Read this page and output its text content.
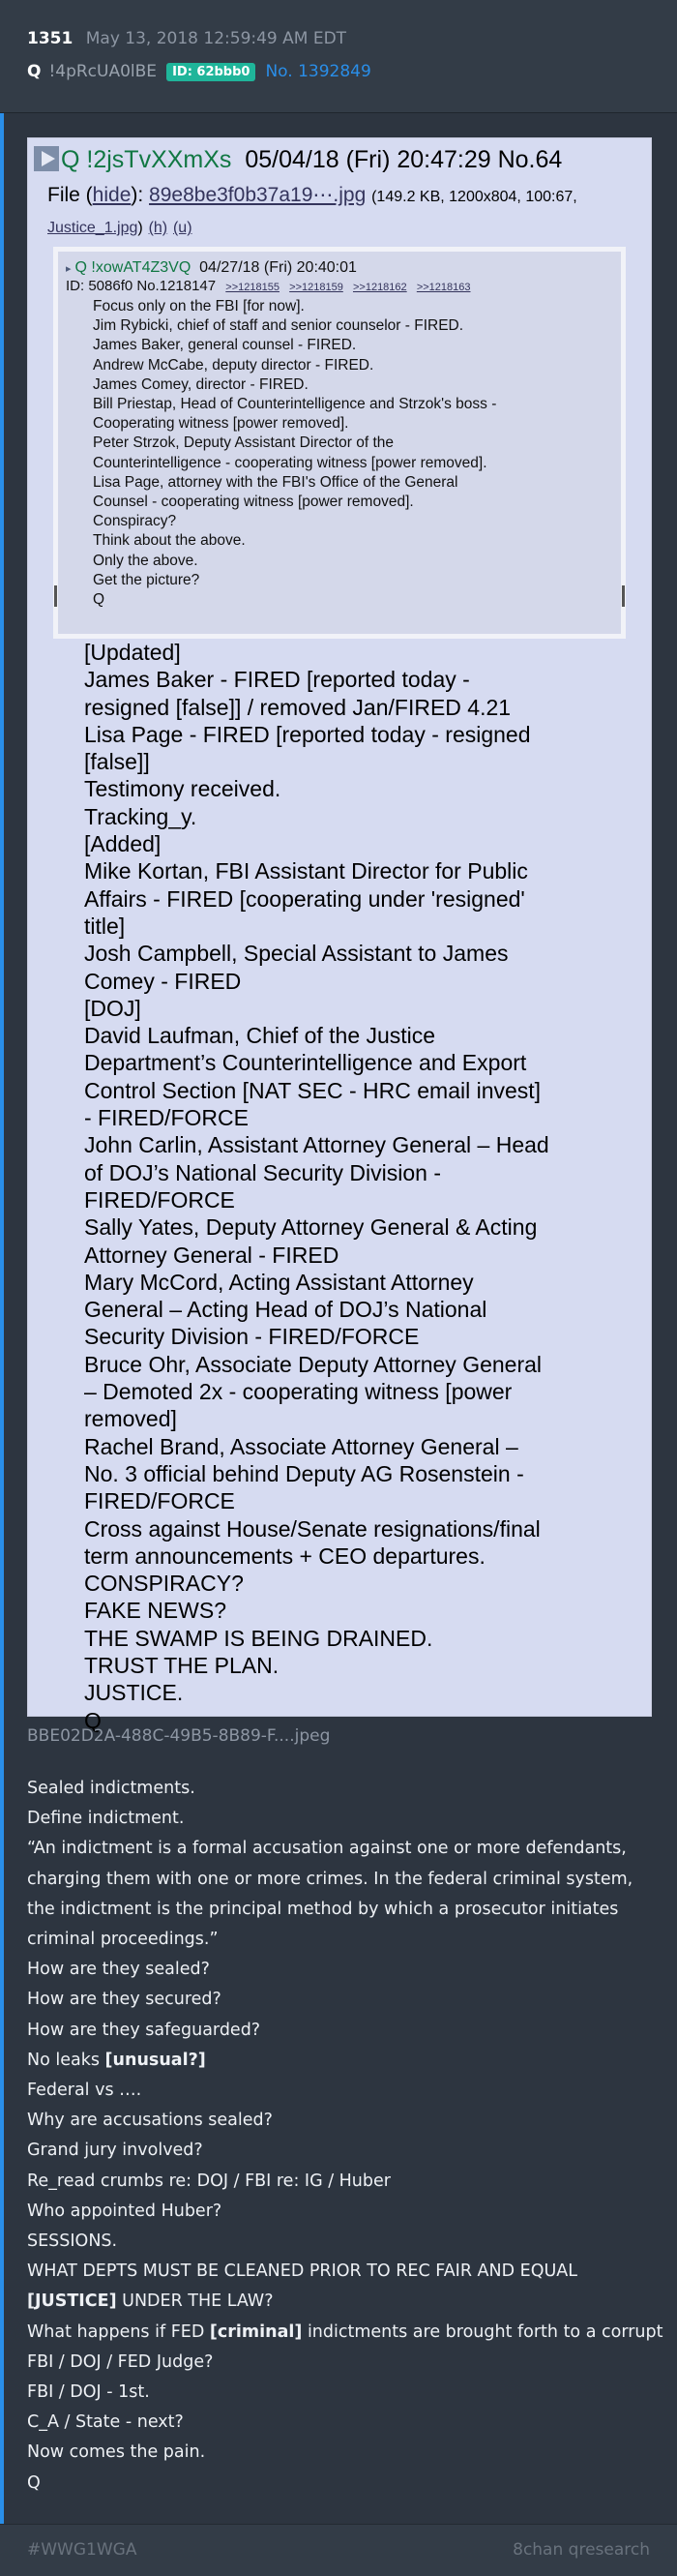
1351 May 13, 2018 12:59:49 AM EDT
Q !4pRcUA0lBE	ID: 62bbb0 No. 1392849
Q !2jsTvXXmXs 05/04/18 (Fri) 20:47:29 No.64
File (hide): 89e8be3f0b37a19⋯.jpg (149.2 KB, 1200x804, 100:67, Justice_1.jpg) (h) (u)
▸ Q !xowAT4Z3VQ 04/27/18 (Fri) 20:40:01
ID: 5086f0 No.1218147 >>1218155 >>1218159 >>1218162 >>1218163
Focus only on the FBI [for now].
Jim Rybicki, chief of staff and senior counselor - FIRED.
James Baker, general counsel - FIRED.
Andrew McCabe, deputy director - FIRED.
James Comey, director - FIRED.
Bill Priestap, Head of Counterintelligence and Strzok's boss -
Cooperating witness [power removed].
Peter Strzok, Deputy Assistant Director of the
Counterintelligence - cooperating witness [power removed].
Lisa Page, attorney with the FBI's Office of the General
Counsel - cooperating witness [power removed].
Conspiracy?
Think about the above.
Only the above.
Get the picture?
Q
[Updated]
James Baker - FIRED [reported today -
resigned [false]] / removed Jan/FIRED 4.21
Lisa Page - FIRED [reported today - resigned
[false]]
Testimony received.
Tracking_y.
[Added]
Mike Kortan, FBI Assistant Director for Public
Affairs - FIRED [cooperating under 'resigned'
title]
Josh Campbell, Special Assistant to James
Comey - FIRED
[DOJ]
David Laufman, Chief of the Justice
Department’s Counterintelligence and Export
Control Section [NAT SEC - HRC email invest]
- FIRED/FORCE
John Carlin, Assistant Attorney General – Head
of DOJ’s National Security Division -
FIRED/FORCE
Sally Yates, Deputy Attorney General & Acting
Attorney General - FIRED
Mary McCord, Acting Assistant Attorney
General – Acting Head of DOJ’s National
Security Division - FIRED/FORCE
Bruce Ohr, Associate Deputy Attorney General
– Demoted 2x - cooperating witness [power
removed]
Rachel Brand, Associate Attorney General –
No. 3 official behind Deputy AG Rosenstein -
FIRED/FORCE
Cross against House/Senate resignations/final
term announcements + CEO departures.
CONSPIRACY?
FAKE NEWS?
THE SWAMP IS BEING DRAINED.
TRUST THE PLAN.
JUSTICE.
Q
BBE02D2A-488C-49B5-8B89-F....jpeg
Sealed indictments.
Define indictment.
“An indictment is a formal accusation against one or more defendants,
charging them with one or more crimes. In the federal criminal system,
the indictment is the principal method by which a prosecutor initiates
criminal proceedings.”
How are they sealed?
How are they secured?
How are they safeguarded?
No leaks [unusual?]
Federal vs ….
Why are accusations sealed?
Grand jury involved?
Re_read crumbs re: DOJ / FBI re: IG / Huber
Who appointed Huber?
SESSIONS.
WHAT DEPTS MUST BE CLEANED PRIOR TO REC FAIR AND EQUAL
[JUSTICE] UNDER THE LAW?
What happens if FED [criminal] indictments are brought forth to a corrupt
FBI / DOJ / FED Judge?
FBI / DOJ - 1st.
C_A / State - next?
Now comes the pain.
Q
#WWG1WGA	8chan qresearch
